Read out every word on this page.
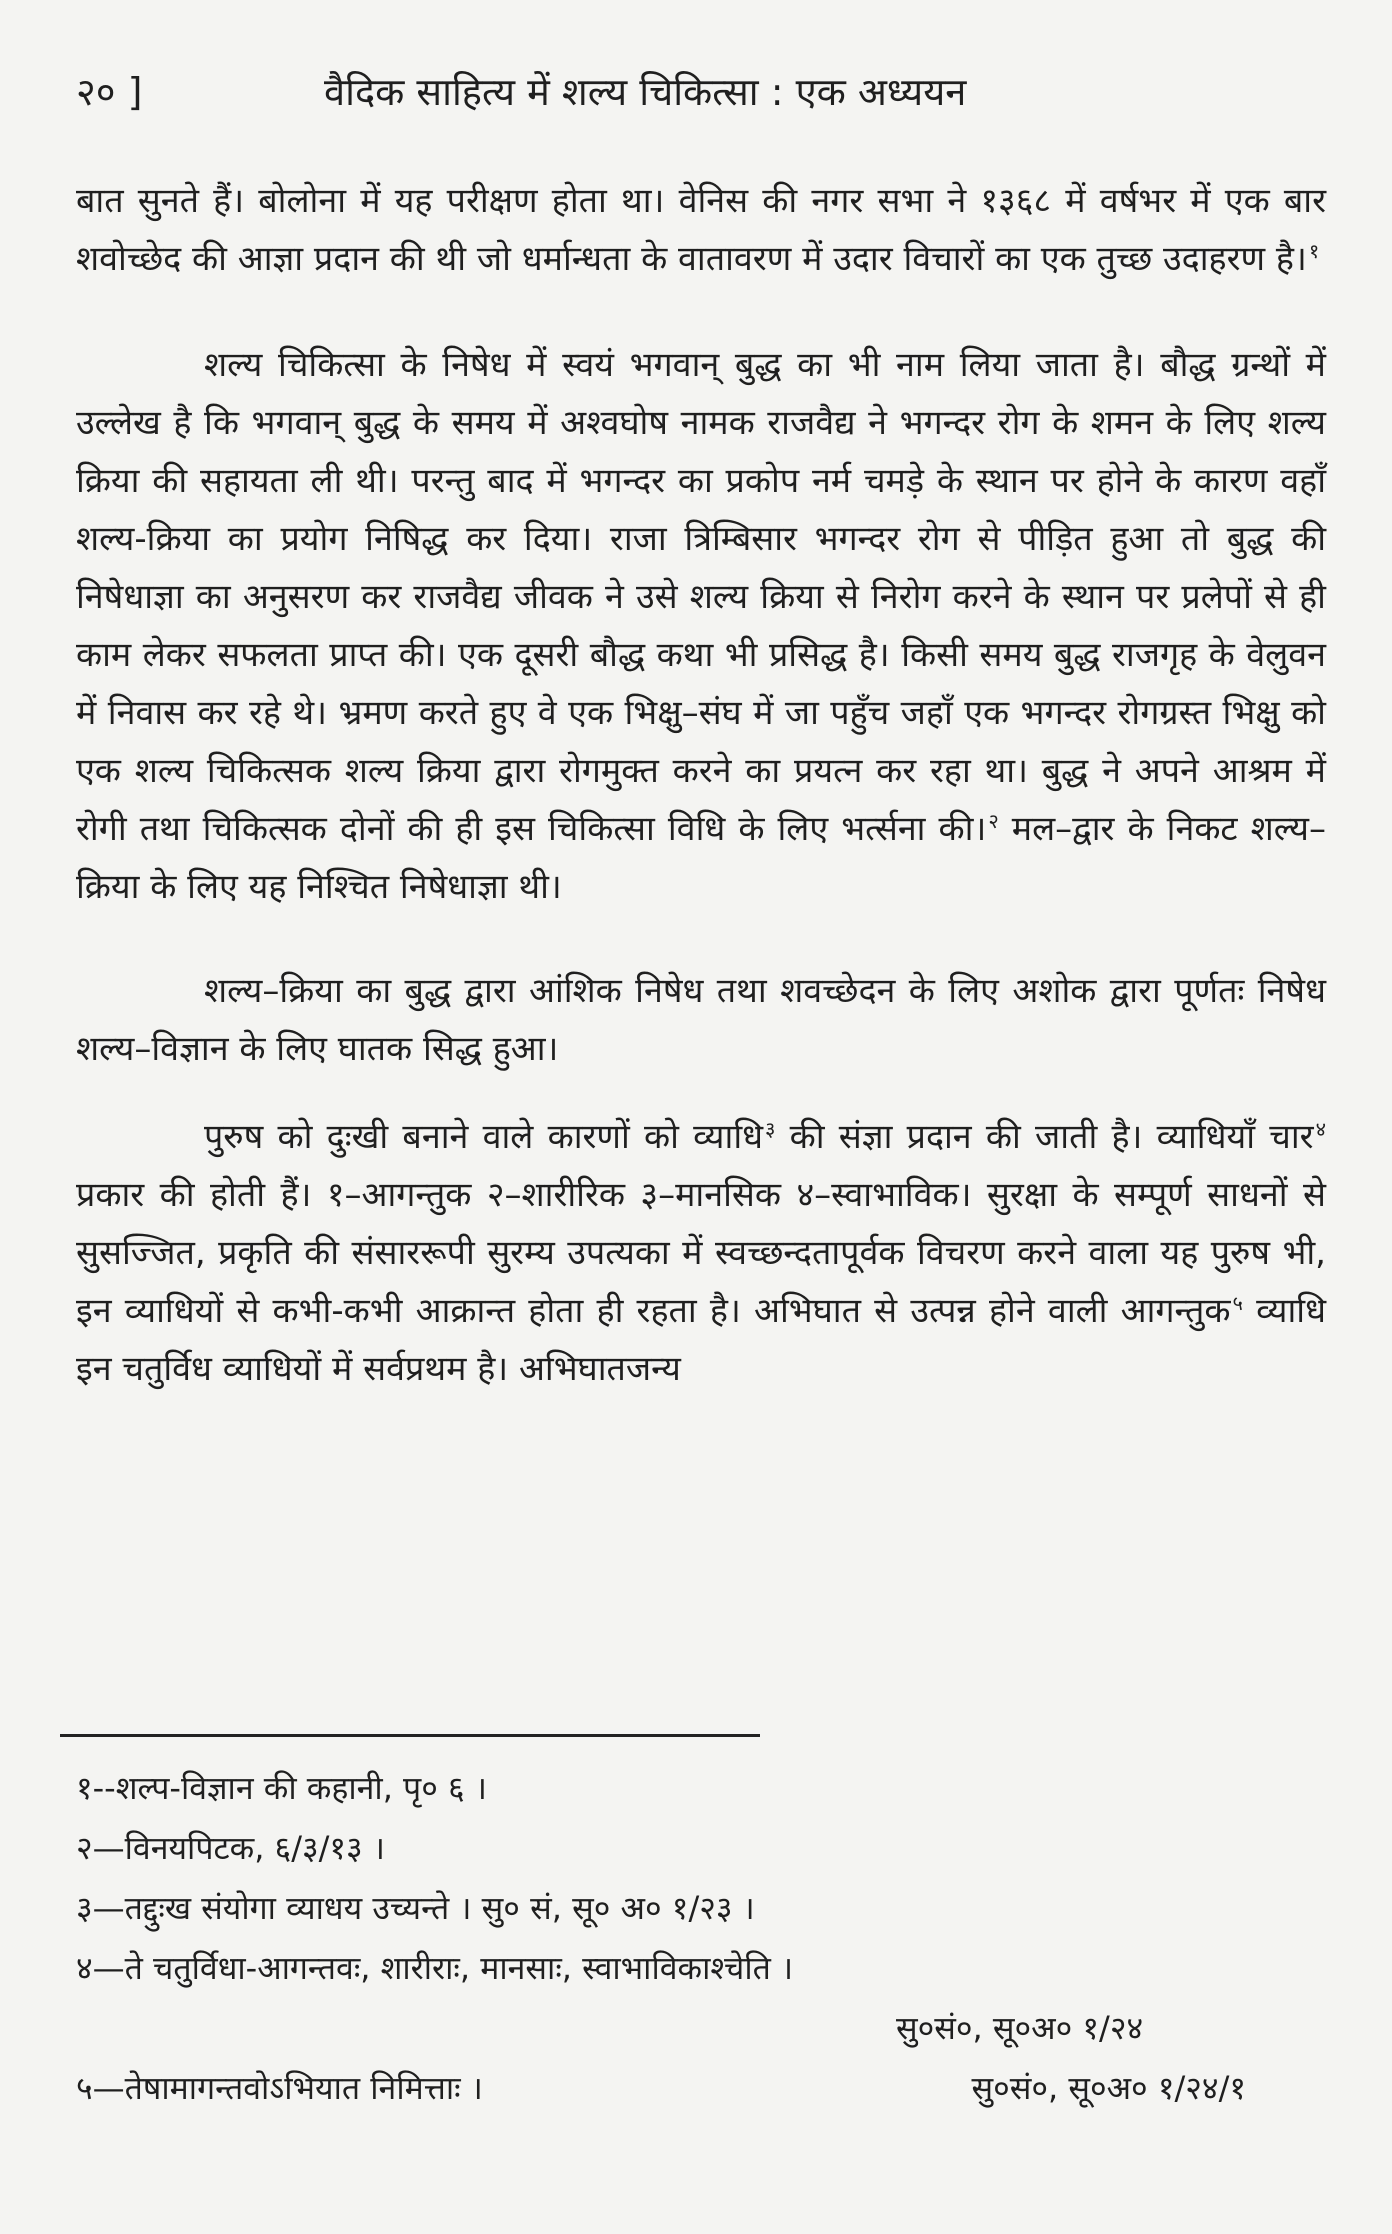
२० ]	वैदिक साहित्य में शल्य चिकित्सा : एक अध्ययन

बात सुनते हैं। बोलोना में यह परीक्षण होता था। वेनिस की नगर सभा ने १३६८ में वर्षभर में एक बार शवोच्छेद की आज्ञा प्रदान की थी जो धर्मान्धता के वातावरण में उदार विचारों का एक तुच्छ उदाहरण है। $^१$

शल्य चिकित्सा के निषेध में स्वयं भगवान् बुद्ध का भी नाम लिया जाता है। बौद्ध ग्रन्थों में उल्लेख है कि भगवान् बुद्ध के समय में अश्वघोष नामक राजवैद्य ने भगन्दर रोग के शमन के लिए शल्य क्रिया की सहायता ली थी। परन्तु बाद में भगन्दर का प्रकोप नर्म चमड़े के स्थान पर होने के कारण वहाँ शल्य-क्रिया का प्रयोग निषिद्ध कर दिया। राजा त्रिम्बिसार भगन्दर रोग से पीड़ित हुआ तो बुद्ध की निषेधाज्ञा का अनुसरण कर राजवैद्य जीवक ने उसे शल्य क्रिया से निरोग करने के स्थान पर प्रलेपों से ही काम लेकर सफलता प्राप्त की। एक दूसरी बौद्ध कथा भी प्रसिद्ध है। किसी समय बुद्ध राजगृह के वेलुवन में निवास कर रहे थे। भ्रमण करते हुए वे एक भिक्षु–संघ में जा पहुँच जहाँ एक भगन्दर रोगग्रस्त भिक्षु को एक शल्य चिकित्सक शल्य क्रिया द्वारा रोगमुक्त करने का प्रयत्न कर रहा था। बुद्ध ने अपने आश्रम में रोगी तथा चिकित्सक दोनों की ही इस चिकित्सा विधि के लिए भर्त्सना की। $^२$ मल–द्वार के निकट शल्य–क्रिया के लिए यह निश्चित निषेधाज्ञा थी।

शल्य–क्रिया का बुद्ध द्वारा आंशिक निषेध तथा शवच्छेदन के लिए अशोक द्वारा पूर्णतः निषेध शल्य–विज्ञान के लिए घातक सिद्ध हुआ।

पुरुष को दुःखी बनाने वाले कारणों को व्याधि $^३$ की संज्ञा प्रदान की जाती है। व्याधियाँ चार $^४$ प्रकार की होती हैं। १–आगन्तुक २–शारीरिक ३–मानसिक ४–स्वाभाविक। सुरक्षा के सम्पूर्ण साधनों से सुसज्जित, प्रकृति की संसाररूपी सुरम्य उपत्यका में स्वच्छन्दतापूर्वक विचरण करने वाला यह पुरुष भी, इन व्याधियों से कभी-कभी आक्रान्त होता ही रहता है। अभिघात से उत्पन्न होने वाली आगन्तुक $^५$ व्याधि इन चतुर्विध व्याधियों में सर्वप्रथम है। अभिघातजन्य

१--शल्प-विज्ञान की कहानी, पृ० ६ ।
२—विनयपिटक, ६/३/१३ ।
३—तद्दुःख संयोगा व्याधय उच्यन्ते । सु० सं, सू० अ० १/२३ ।
४—ते चतुर्विधा-आगन्तवः, शारीराः, मानसाः, स्वाभाविकाश्चेति ।
सु०सं०, सू०अ० १/२४
५—तेषामागन्तवोऽभियात निमित्ताः ।	सु०सं०, सू०अ० १/२४/१
